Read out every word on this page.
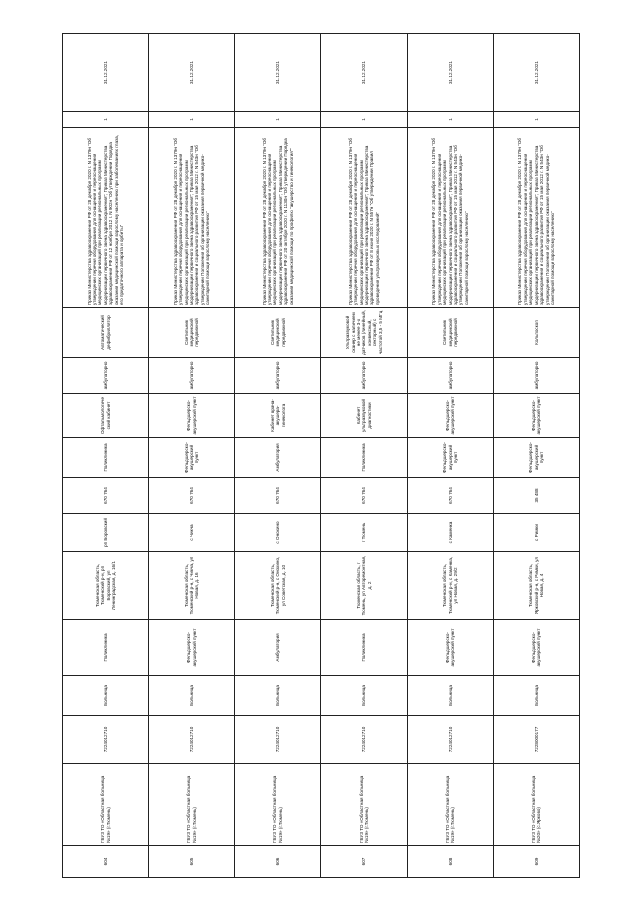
604	ГБУЗ ТО «Областная больница №19» (г.Тюмень)	7224012710	Больница	Поликлиника	Тюменская область, Тюменский р-н, рп Боровский, ул Ленинградская, д. 16/1	рп Боровский	670 764	Поликлиника	Офтальмологический кабинет	амбулаторно	Автоматический дефибриллятор	Приказ Министерства здравоохранения РФ от 28 декабря 2020 г. N 1379н "Об утверждении перечня оборудования для оснащения и переоснащения медицинских организаций при реализации региональных программ модернизации первичного звена здравоохранения"; Приказ Министерства здравоохранения РФ от 12 ноября 2012 г. N 902н "Об утверждении Порядка оказания медицинской помощи взрослому населению при заболеваниях глаза, его придаточного аппарата и орбиты"	1	31.12.2021
605	ГБУЗ ТО «Областная больница №19» (г.Тюмень)	7224012710	Больница	Фельдшерско-акушерский пункт	Тюменская область, Тюменский р-н, с Чикча, ул Новая, д. 16	с Чикча	670 764	Фельдшерско-акушерский пункт	Фельдшерско-акушерский пункт	амбулаторно	Светильник медицинский передвижной	Приказ Министерства здравоохранения РФ от 28 декабря 2020 г. N 1379н "Об утверждении перечня оборудования для оснащения и переоснащения медицинских организаций при реализации региональных программ модернизации первичного звена здравоохранения"; Приказ Министерства здравоохранения и социального развития РФ от 15 мая 2012 г. N 543н "Об утверждении Положения об организации оказания первичной медико-санитарной помощи взрослому населению"	1	31.12.2021
606	ГБУЗ ТО «Областная больница №19» (г.Тюмень)	7224012710	Больница	Амбулатория	Тюменская область, Тюменский р-н, с Онохино, ул Советская, д. 10	с Онохино	670 764	Амбулатория	Кабинет врача-акушера-гинеколога	амбулаторно	Светильник медицинский передвижной	Приказ Министерства здравоохранения РФ от 28 декабря 2020 г. N 1379н "Об утверждении перечня оборудования для оснащения и переоснащения медицинских организаций при реализации региональных программ модернизации первичного звена здравоохранения"; Приказ Министерства здравоохранения РФ от 20 октября 2020 г. N 1130н "Об утверждении Порядка оказания медицинской помощи по профилю "акушерство и гинекология""	1	31.12.2021
607	ГБУЗ ТО «Областная больница №19» (г.Тюмень)	7224012710	Больница	Поликлиника	Тюменская область, г Тюмень, ул Авторемонтная, д. 2	г Тюмень	670 764	Поликлиника	Кабинет ультразвуковой диагностики	амбулаторно	Ультразвуковой сканер с наличием не менее 3-х датчиков (линейный, конвексный, секторный) с частотой 3,5 - 5 МГц	Приказ Министерства здравоохранения РФ от 28 декабря 2020 г. N 1379н "Об утверждении перечня оборудования для оснащения и переоснащения медицинских организаций при реализации региональных программ модернизации первичного звена здравоохранения"; Приказ Министерства здравоохранения РФ от 8 июня 2020 г. N 557н "Об утверждении Правил проведения ультразвуковых исследований"	1	31.12.2021
608	ГБУЗ ТО «Областная больница №19» (г.Тюмень)	7224012710	Больница	Фельдшерско-акушерский пункт	Тюменская область, Тюменский р-н, с Каменка, ул Новая, д. 29/2	с Каменка	670 764	Фельдшерско-акушерский пункт	Фельдшерско-акушерский пункт	амбулаторно	Светильник медицинский передвижной	Приказ Министерства здравоохранения РФ от 28 декабря 2020 г. N 1379н "Об утверждении перечня оборудования для оснащения и переоснащения медицинских организаций при реализации региональных программ модернизации первичного звена здравоохранения"; Приказ Министерства здравоохранения и социального развития РФ от 15 мая 2012 г. N 543н "Об утверждении Положения об организации оказания первичной медико-санитарной помощи взрослому населению"	1	31.12.2021
609	ГБУЗ ТО «Областная больница №20» (с.Ярково)	7228000177	Больница	Фельдшерско-акушерский пункт	Тюменская область, Ярковский р-н, с Римки, ул Новая, д. 4	с Римки	35 488	Фельдшерско-акушерский пункт	Фельдшерско-акушерский пункт	амбулаторно	Кольпоскоп	Приказ Министерства здравоохранения РФ от 28 декабря 2020 г. N 1379н "Об утверждении перечня оборудования для оснащения и переоснащения медицинских организаций при реализации региональных программ модернизации первичного звена здравоохранения"; Приказ Министерства здравоохранения и социального развития РФ от 15 мая 2012 г. N 543н "Об утверждении Положения об организации оказания первичной медико-санитарной помощи взрослому населению"	1	31.12.2021
